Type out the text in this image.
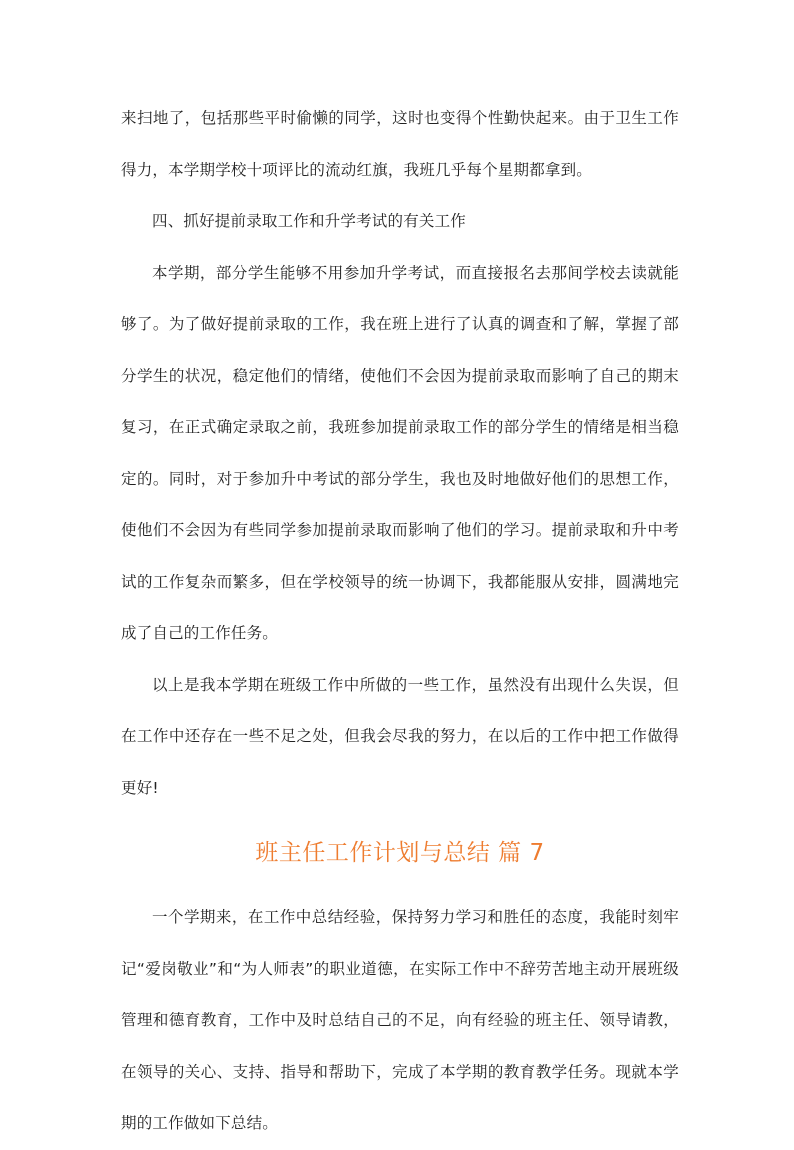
来扫地了，包括那些平时偷懒的同学，这时也变得个性勤快起来。由于卫生工作得力，本学期学校十项评比的流动红旗，我班几乎每个星期都拿到。

四、抓好提前录取工作和升学考试的有关工作

本学期，部分学生能够不用参加升学考试，而直接报名去那间学校去读就能够了。为了做好提前录取的工作，我在班上进行了认真的调查和了解，掌握了部分学生的状况，稳定他们的情绪，使他们不会因为提前录取而影响了自己的期末复习，在正式确定录取之前，我班参加提前录取工作的部分学生的情绪是相当稳定的。同时，对于参加升中考试的部分学生，我也及时地做好他们的思想工作，使他们不会因为有些同学参加提前录取而影响了他们的学习。提前录取和升中考试的工作复杂而繁多，但在学校领导的统一协调下，我都能服从安排，圆满地完成了自己的工作任务。

以上是我本学期在班级工作中所做的一些工作，虽然没有出现什么失误，但在工作中还存在一些不足之处，但我会尽我的努力，在以后的工作中把工作做得更好!

班主任工作计划与总结 篇 7

一个学期来，在工作中总结经验，保持努力学习和胜任的态度，我能时刻牢记“爱岗敬业”和“为人师表”的职业道德，在实际工作中不辞劳苦地主动开展班级管理和德育教育，工作中及时总结自己的不足，向有经验的班主任、领导请教，在领导的关心、支持、指导和帮助下，完成了本学期的教育教学任务。现就本学期的工作做如下总结。
